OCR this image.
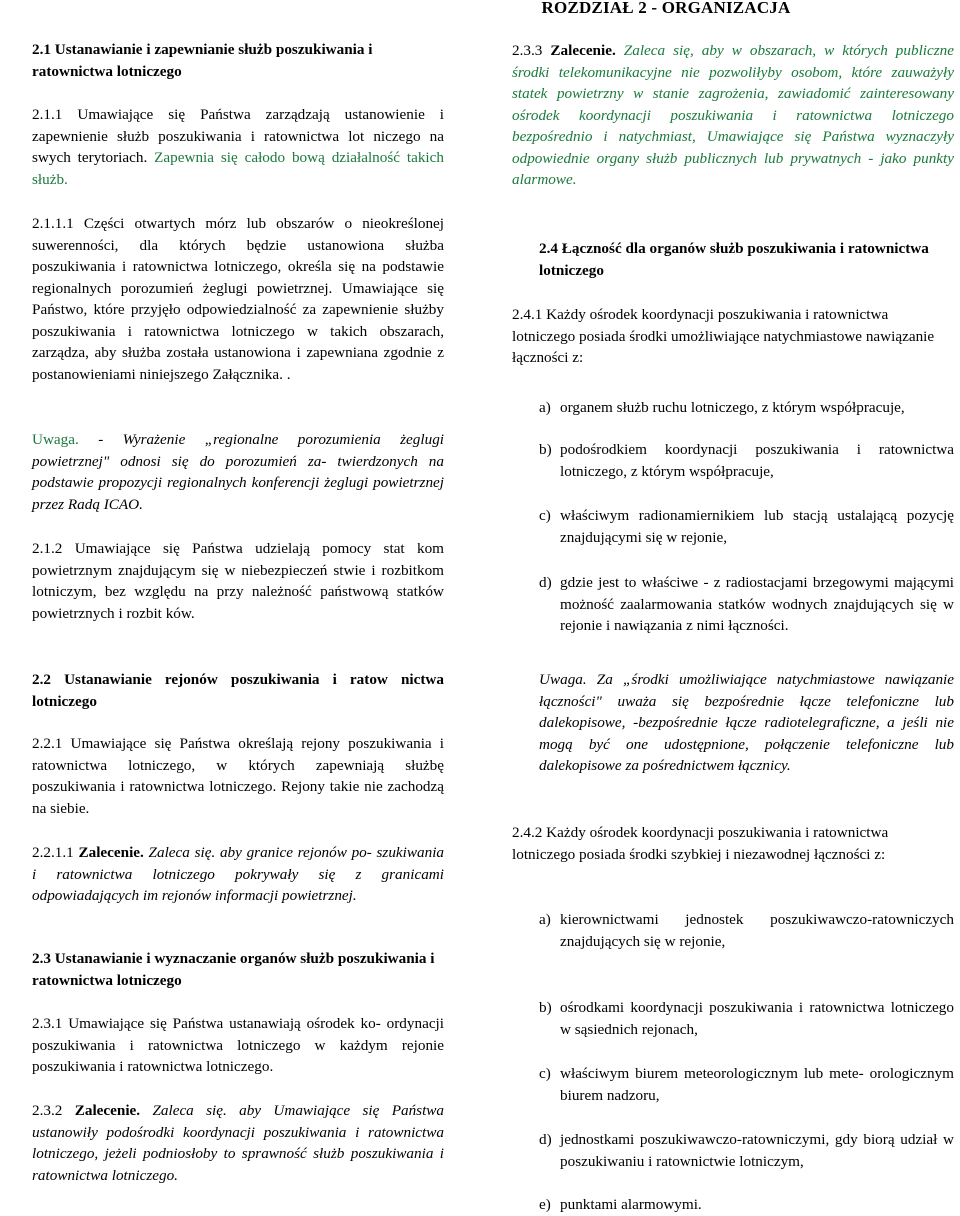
ROZDZIAŁ 2 - ORGANIZACJA

2.1 Ustanawianie i zapewnianie służb poszukiwania i ratownictwa lotniczego

2.1.1 Umawiające się Państwa zarządzają ustanowienie i zapewnienie służb poszukiwania i ratownictwa lot niczego na swych terytoriach. Zapewnia się całodo bową działalność takich służb.

2.1.1.1 Części otwartych mórz lub obszarów o nieokreślonej suwerenności, dla których będzie ustanowiona służba poszukiwania i ratownictwa lotniczego, określa się na podstawie regionalnych porozumień żeglugi powietrznej. Umawiające się Państwo, które przyjęło odpowiedzialność za zapewnienie służby poszukiwania i ratownictwa lotniczego w takich obszarach, zarządza, aby służba została ustanowiona i zapewniana zgodnie z postanowieniami niniejszego Załącznika. .

Uwaga. - Wyrażenie „regionalne porozumienia żeglugi powietrznej" odnosi się do porozumień za- twierdzonych na podstawie propozycji regionalnych konferencji żeglugi powietrznej przez Radą ICAO.

2.1.2 Umawiające się Państwa udzielają pomocy stat kom powietrznym znajdującym się w niebezpieczeń stwie i rozbitkom lotniczym, bez względu na przy należność państwową statków powietrznych i rozbit ków.

2.2 Ustanawianie rejonów poszukiwania i ratow nictwa lotniczego

2.2.1 Umawiające się Państwa określają rejony poszukiwania i ratownictwa lotniczego, w których zapewniają służbę poszukiwania i ratownictwa lotniczego. Rejony takie nie zachodzą na siebie.

2.2.1.1 Zalecenie. Zaleca się. aby granice rejonów po- szukiwania i ratownictwa lotniczego pokrywały się z granicami odpowiadających im rejonów informacji powietrznej.

2.3 Ustanawianie i wyznaczanie organów służb poszukiwania i ratownictwa lotniczego

2.3.1 Umawiające się Państwa ustanawiają ośrodek ko- ordynacji poszukiwania i ratownictwa lotniczego w każdym rejonie poszukiwania i ratownictwa lotniczego.

2.3.2 Zalecenie. Zaleca się. aby Umawiające się Państwa ustanowiły podośrodki koordynacji poszukiwania i ratownictwa lotniczego, jeżeli podniosłoby to sprawność służb poszukiwania i ratownictwa lotniczego.

2.3.3 Zalecenie. Zaleca się, aby w obszarach, w których publiczne środki telekomunikacyjne nie pozwoliłyby osobom, które zauważyły statek powietrzny w stanie zagrożenia, zawiadomić zainteresowany ośrodek koordynacji poszukiwania i ratownictwa lotniczego bezpośrednio i natychmiast, Umawiające się Państwa wyznaczyły odpowiednie organy służb publicznych lub prywatnych - jako punkty alarmowe.

2.4 Łączność dla organów służb poszukiwania i ratownictwa lotniczego

2.4.1 Każdy ośrodek koordynacji poszukiwania i ratownictwa lotniczego posiada środki umożliwiające natychmiastowe nawiązanie łączności z:

a) organem służb ruchu lotniczego, z którym współpracuje,

b) podośrodkiem koordynacji poszukiwania i ratownictwa lotniczego, z którym współpracuje,

c) właściwym radionamiernikiem lub stacją ustalającą pozycję znajdującymi się w rejonie,

d) gdzie jest to właściwe - z radiostacjami brzegowymi mającymi możność zaalarmowania statków wodnych znajdujących się w rejonie i nawiązania z nimi łączności.

Uwaga. Za „środki umożliwiające natychmiastowe nawiązanie łączności" uważa się bezpośrednie łącze telefoniczne lub dalekopisowe, -bezpośrednie łącze radiotelegraficzne, a jeśli nie mogą być one udostępnione, połączenie telefoniczne lub dalekopisowe za pośrednictwem łącznicy.

2.4.2 Każdy ośrodek koordynacji poszukiwania i ratownictwa lotniczego posiada środki szybkiej i niezawodnej łączności z:

a) kierownictwami jednostek poszukiwawczo-ratowniczych znajdujących się w rejonie,

b) ośrodkami koordynacji poszukiwania i ratownictwa lotniczego w sąsiednich rejonach,

c) właściwym biurem meteorologicznym lub mete- orologicznym biurem nadzoru,

d) jednostkami poszukiwawczo-ratowniczymi, gdy biorą udział w poszukiwaniu i ratownictwie lotniczym,

e) punktami alarmowymi.
